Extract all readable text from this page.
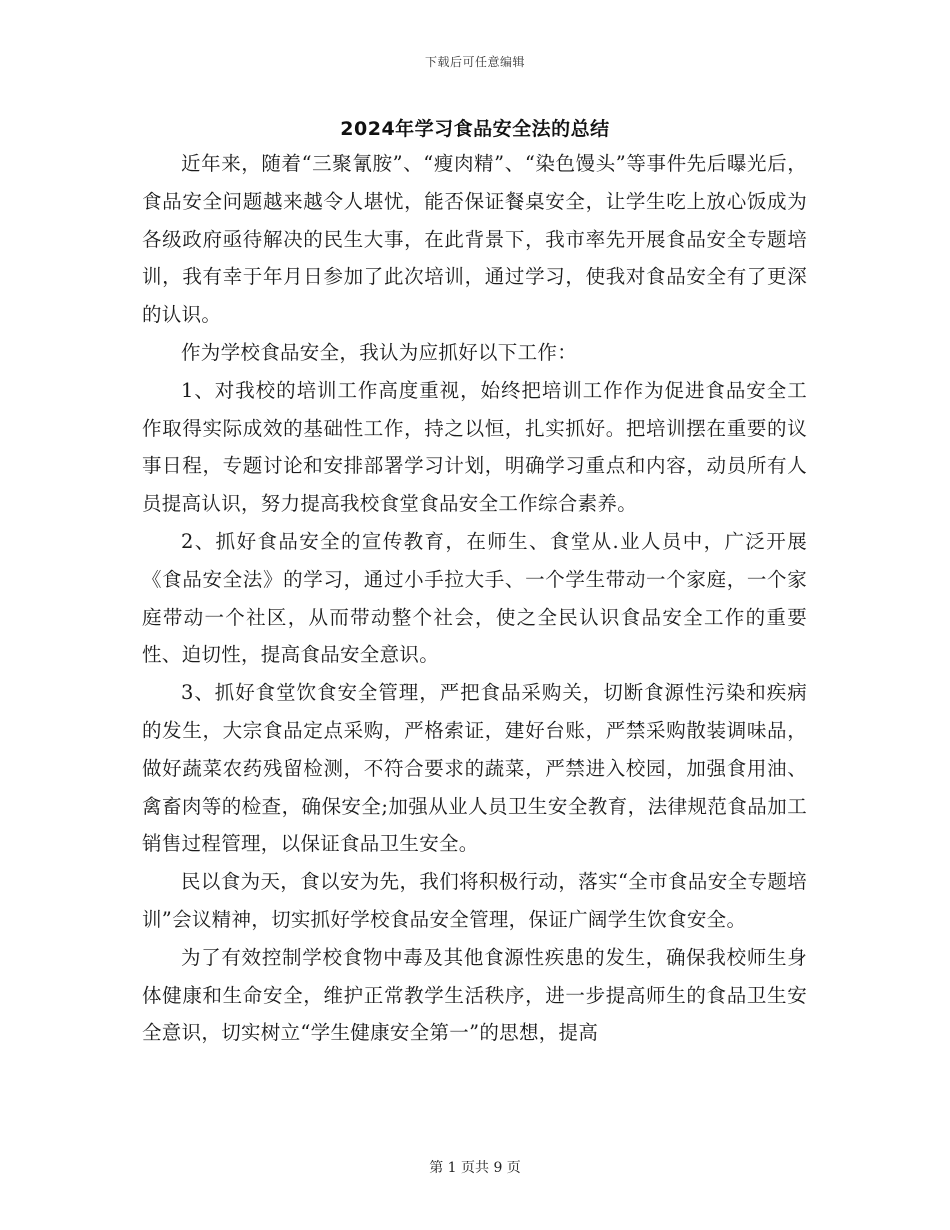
下载后可任意编辑
2024年学习食品安全法的总结

近年来，随着“三聚氰胺”、“瘦肉精”、“染色馒头”等事件先后曝光后，食品安全问题越来越令人堪忧，能否保证餐桌安全，让学生吃上放心饭成为各级政府亟待解决的民生大事，在此背景下，我市率先开展食品安全专题培训，我有幸于年月日参加了此次培训，通过学习，使我对食品安全有了更深的认识。

作为学校食品安全，我认为应抓好以下工作：

1、对我校的培训工作高度重视，始终把培训工作作为促进食品安全工作取得实际成效的基础性工作，持之以恒，扎实抓好。把培训摆在重要的议事日程，专题讨论和安排部署学习计划，明确学习重点和内容，动员所有人员提高认识，努力提高我校食堂食品安全工作综合素养。

2、抓好食品安全的宣传教育，在师生、食堂从.业人员中，广泛开展《食品安全法》的学习，通过小手拉大手、一个学生带动一个家庭，一个家庭带动一个社区，从而带动整个社会，使之全民认识食品安全工作的重要性、迫切性，提高食品安全意识。

3、抓好食堂饮食安全管理，严把食品采购关，切断食源性污染和疾病的发生，大宗食品定点采购，严格索证，建好台账，严禁采购散装调味品，做好蔬菜农药残留检测，不符合要求的蔬菜，严禁进入校园，加强食用油、禽畜肉等的检查，确保安全;加强从业人员卫生安全教育，法律规范食品加工销售过程管理，以保证食品卫生安全。

民以食为天，食以安为先，我们将积极行动，落实“全市食品安全专题培训”会议精神，切实抓好学校食品安全管理，保证广阔学生饮食安全。

为了有效控制学校食物中毒及其他食源性疾患的发生，确保我校师生身体健康和生命安全，维护正常教学生活秩序，进一步提高师生的食品卫生安全意识，切实树立“学生健康安全第一”的思想，提高

第 1 页共 9 页
